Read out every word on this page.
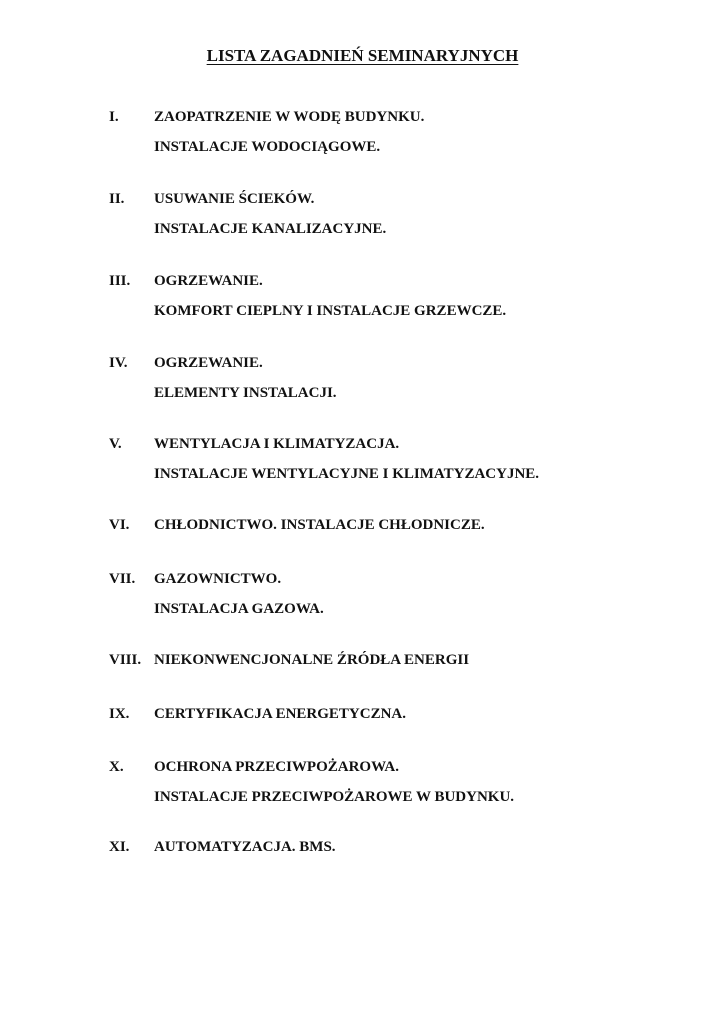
LISTA ZAGADNIEŃ SEMINARYJNYCH
I. ZAOPATRZENIE W WODĘ BUDYNKU.
INSTALACJE WODOCIĄGOWE.
II. USUWANIE ŚCIEKÓW.
INSTALACJE KANALIZACYJNE.
III. OGRZEWANIE.
KOMFORT CIEPLNY I INSTALACJE GRZEWCZE.
IV. OGRZEWANIE.
ELEMENTY INSTALACJI.
V. WENTYLACJA I KLIMATYZACJA.
INSTALACJE WENTYLACYJNE I KLIMATYZACYJNE.
VI. CHŁODNICTWO. INSTALACJE CHŁODNICZE.
VII. GAZOWNICTWO.
INSTALACJA GAZOWA.
VIII. NIEKONWENCJONALNE ŹRÓDŁA ENERGII
IX. CERTYFIKACJA ENERGETYCZNA.
X. OCHRONA PRZECIWPOŻAROWA.
INSTALACJE PRZECIWPOŻAROWE W BUDYNKU.
XI. AUTOMATYZACJA. BMS.
